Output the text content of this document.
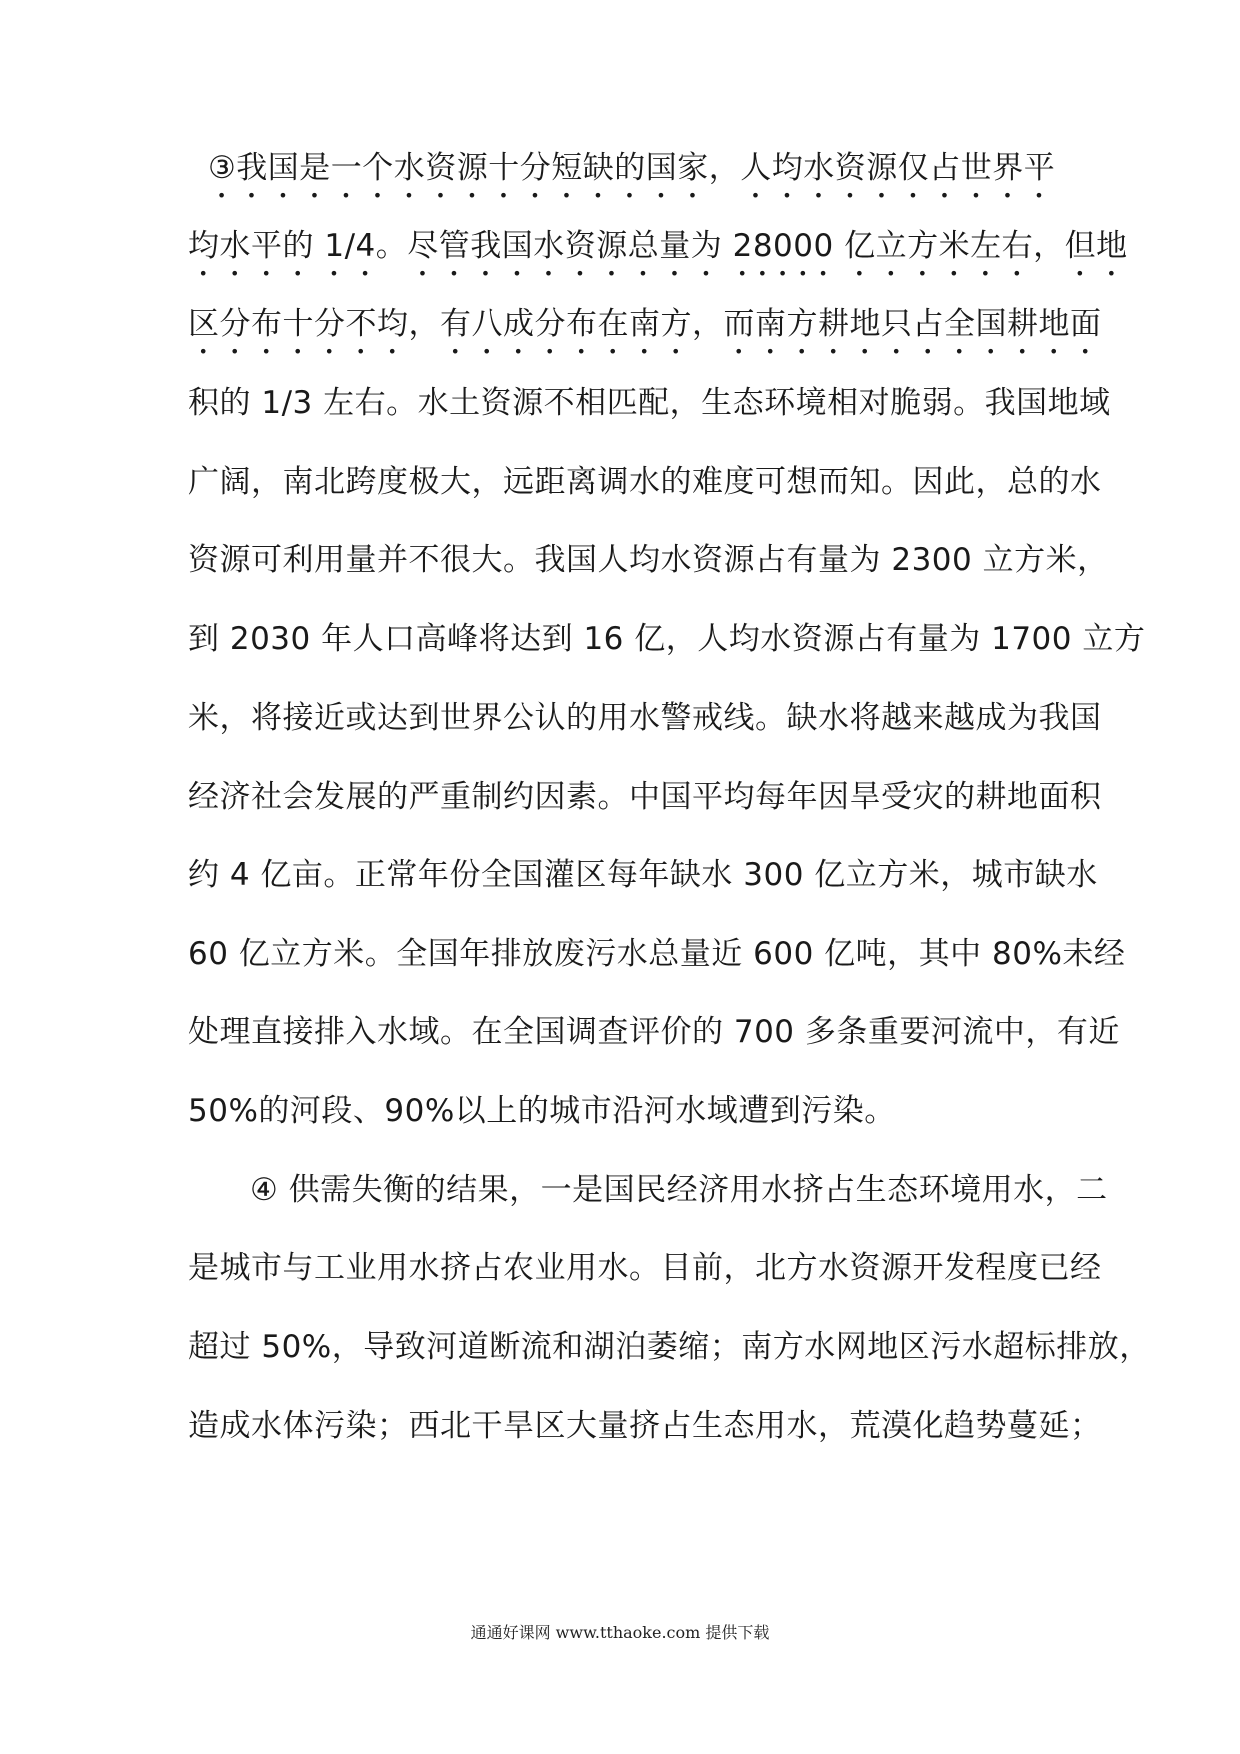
③我国是一个水资源十分短缺的国家，人均水资源仅占世界平
均水平的 1/4。尽管我国水资源总量为 28000 亿立方米左右，但地
区分布十分不均，有八成分布在南方，而南方耕地只占全国耕地面
积的 1/3 左右。水土资源不相匹配，生态环境相对脆弱。我国地域
广阔，南北跨度极大，远距离调水的难度可想而知。因此，总的水
资源可利用量并不很大。我国人均水资源占有量为 2300 立方米，
到 2030 年人口高峰将达到 16 亿，人均水资源占有量为 1700 立方
米，将接近或达到世界公认的用水警戒线。缺水将越来越成为我国
经济社会发展的严重制约因素。中国平均每年因旱受灾的耕地面积
约 4 亿亩。正常年份全国灌区每年缺水 300 亿立方米，城市缺水
60 亿立方米。全国年排放废污水总量近 600 亿吨，其中 80%未经
处理直接排入水域。在全国调查评价的 700 多条重要河流中，有近
50%的河段、90%以上的城市沿河水域遭到污染。
④ 供需失衡的结果，一是国民经济用水挤占生态环境用水，二
是城市与工业用水挤占农业用水。目前，北方水资源开发程度已经
超过 50%，导致河道断流和湖泊萎缩；南方水网地区污水超标排放，
造成水体污染；西北干旱区大量挤占生态用水，荒漠化趋势蔓延；
通通好课网 www.tthaoke.com 提供下载
